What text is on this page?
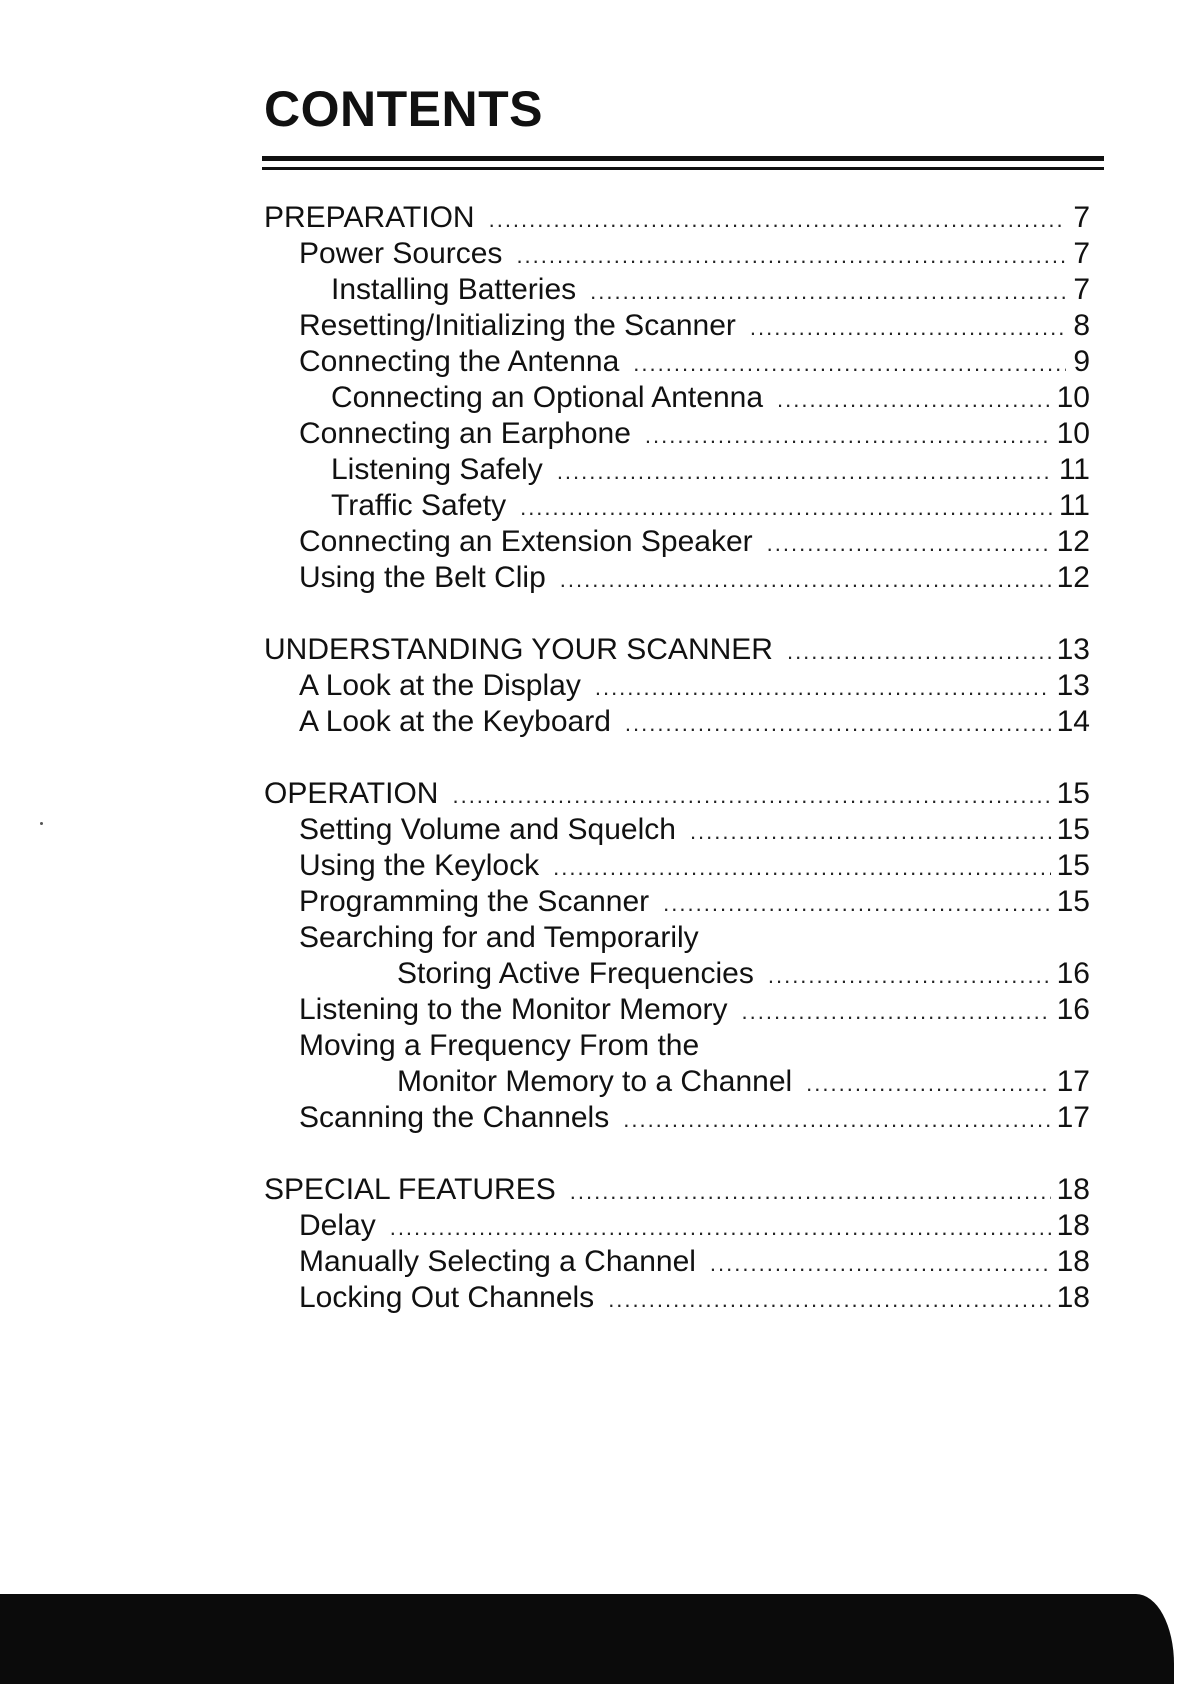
CONTENTS
PREPARATION .....	7
Power Sources .....	7
Installing Batteries .....	7
Resetting/Initializing the Scanner .....	8
Connecting the Antenna .....	9
Connecting an Optional Antenna .....	10
Connecting an Earphone .....	10
Listening Safely .....	11
Traffic Safety .....	11
Connecting an Extension Speaker .....	12
Using the Belt Clip .....	12
UNDERSTANDING YOUR SCANNER .....	13
A Look at the Display .....	13
A Look at the Keyboard .....	14
OPERATION .....	15
Setting Volume and Squelch .....	15
Using the Keylock .....	15
Programming the Scanner .....	15
Searching for and Temporarily
Storing Active Frequencies .....	16
Listening to the Monitor Memory .....	16
Moving a Frequency From the
Monitor Memory to a Channel .....	17
Scanning the Channels .....	17
SPECIAL FEATURES .....	18
Delay .....	18
Manually Selecting a Channel .....	18
Locking Out Channels .....	18
